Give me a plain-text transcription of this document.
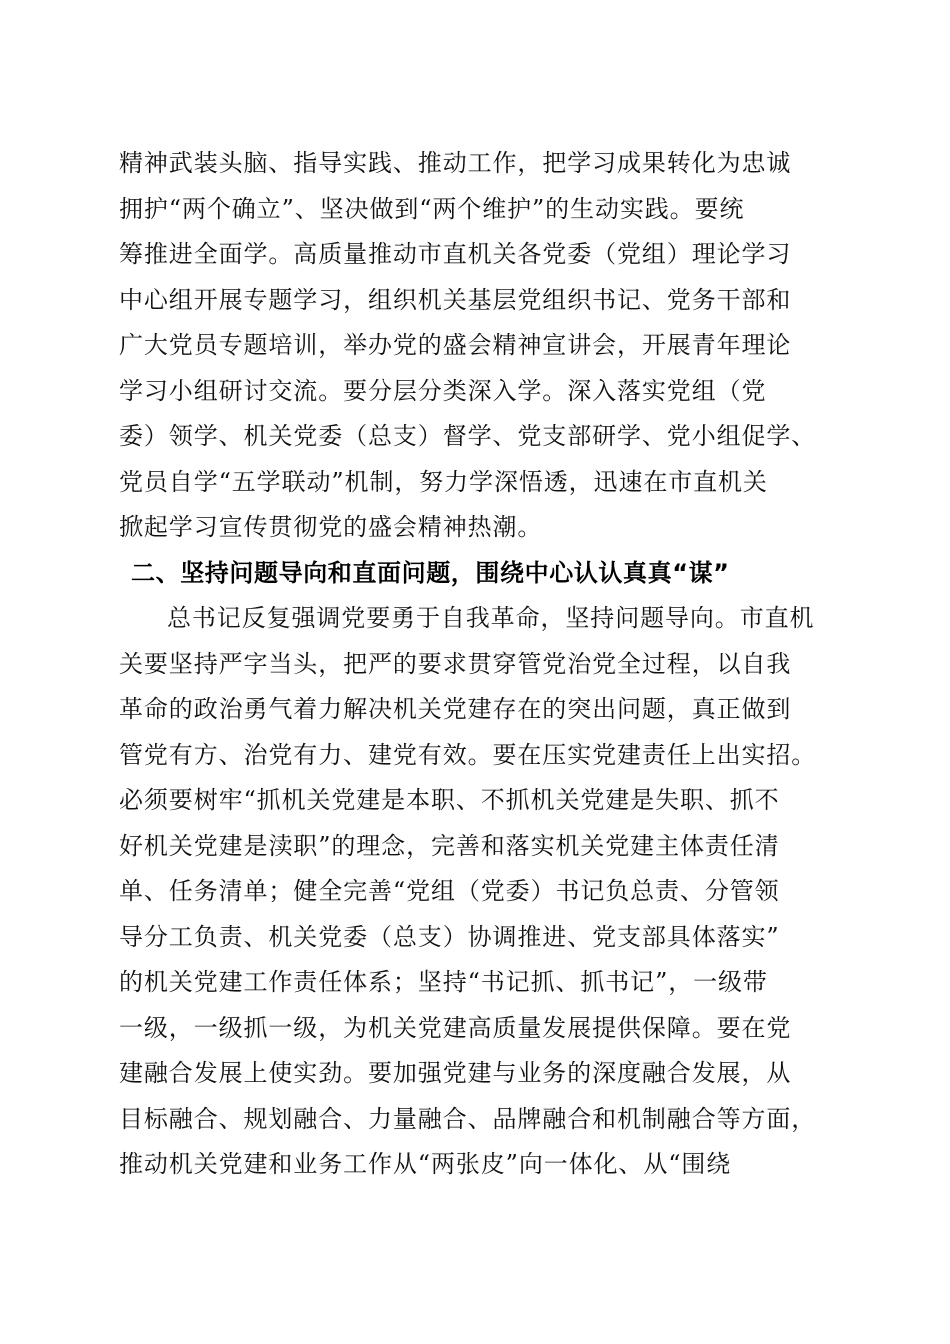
精神武装头脑、指导实践、推动工作，把学习成果转化为忠诚
拥护“两个确立”、坚决做到“两个维护”的生动实践。要统
筹推进全面学。高质量推动市直机关各党委（党组）理论学习
中心组开展专题学习，组织机关基层党组织书记、党务干部和
广大党员专题培训，举办党的盛会精神宣讲会，开展青年理论
学习小组研讨交流。要分层分类深入学。深入落实党组（党
委）领学、机关党委（总支）督学、党支部研学、党小组促学、
党员自学“五学联动”机制，努力学深悟透，迅速在市直机关
掀起学习宣传贯彻党的盛会精神热潮。
二、坚持问题导向和直面问题，围绕中心认认真真“谋”
总书记反复强调党要勇于自我革命，坚持问题导向。市直机
关要坚持严字当头，把严的要求贯穿管党治党全过程，以自我
革命的政治勇气着力解决机关党建存在的突出问题，真正做到
管党有方、治党有力、建党有效。要在压实党建责任上出实招。
必须要树牢“抓机关党建是本职、不抓机关党建是失职、抓不
好机关党建是渎职”的理念，完善和落实机关党建主体责任清
单、任务清单；健全完善“党组（党委）书记负总责、分管领
导分工负责、机关党委（总支）协调推进、党支部具体落实”
的机关党建工作责任体系；坚持“书记抓、抓书记”，一级带
一级，一级抓一级，为机关党建高质量发展提供保障。要在党
建融合发展上使实劲。要加强党建与业务的深度融合发展，从
目标融合、规划融合、力量融合、品牌融合和机制融合等方面，
推动机关党建和业务工作从“两张皮”向一体化、从“围绕
